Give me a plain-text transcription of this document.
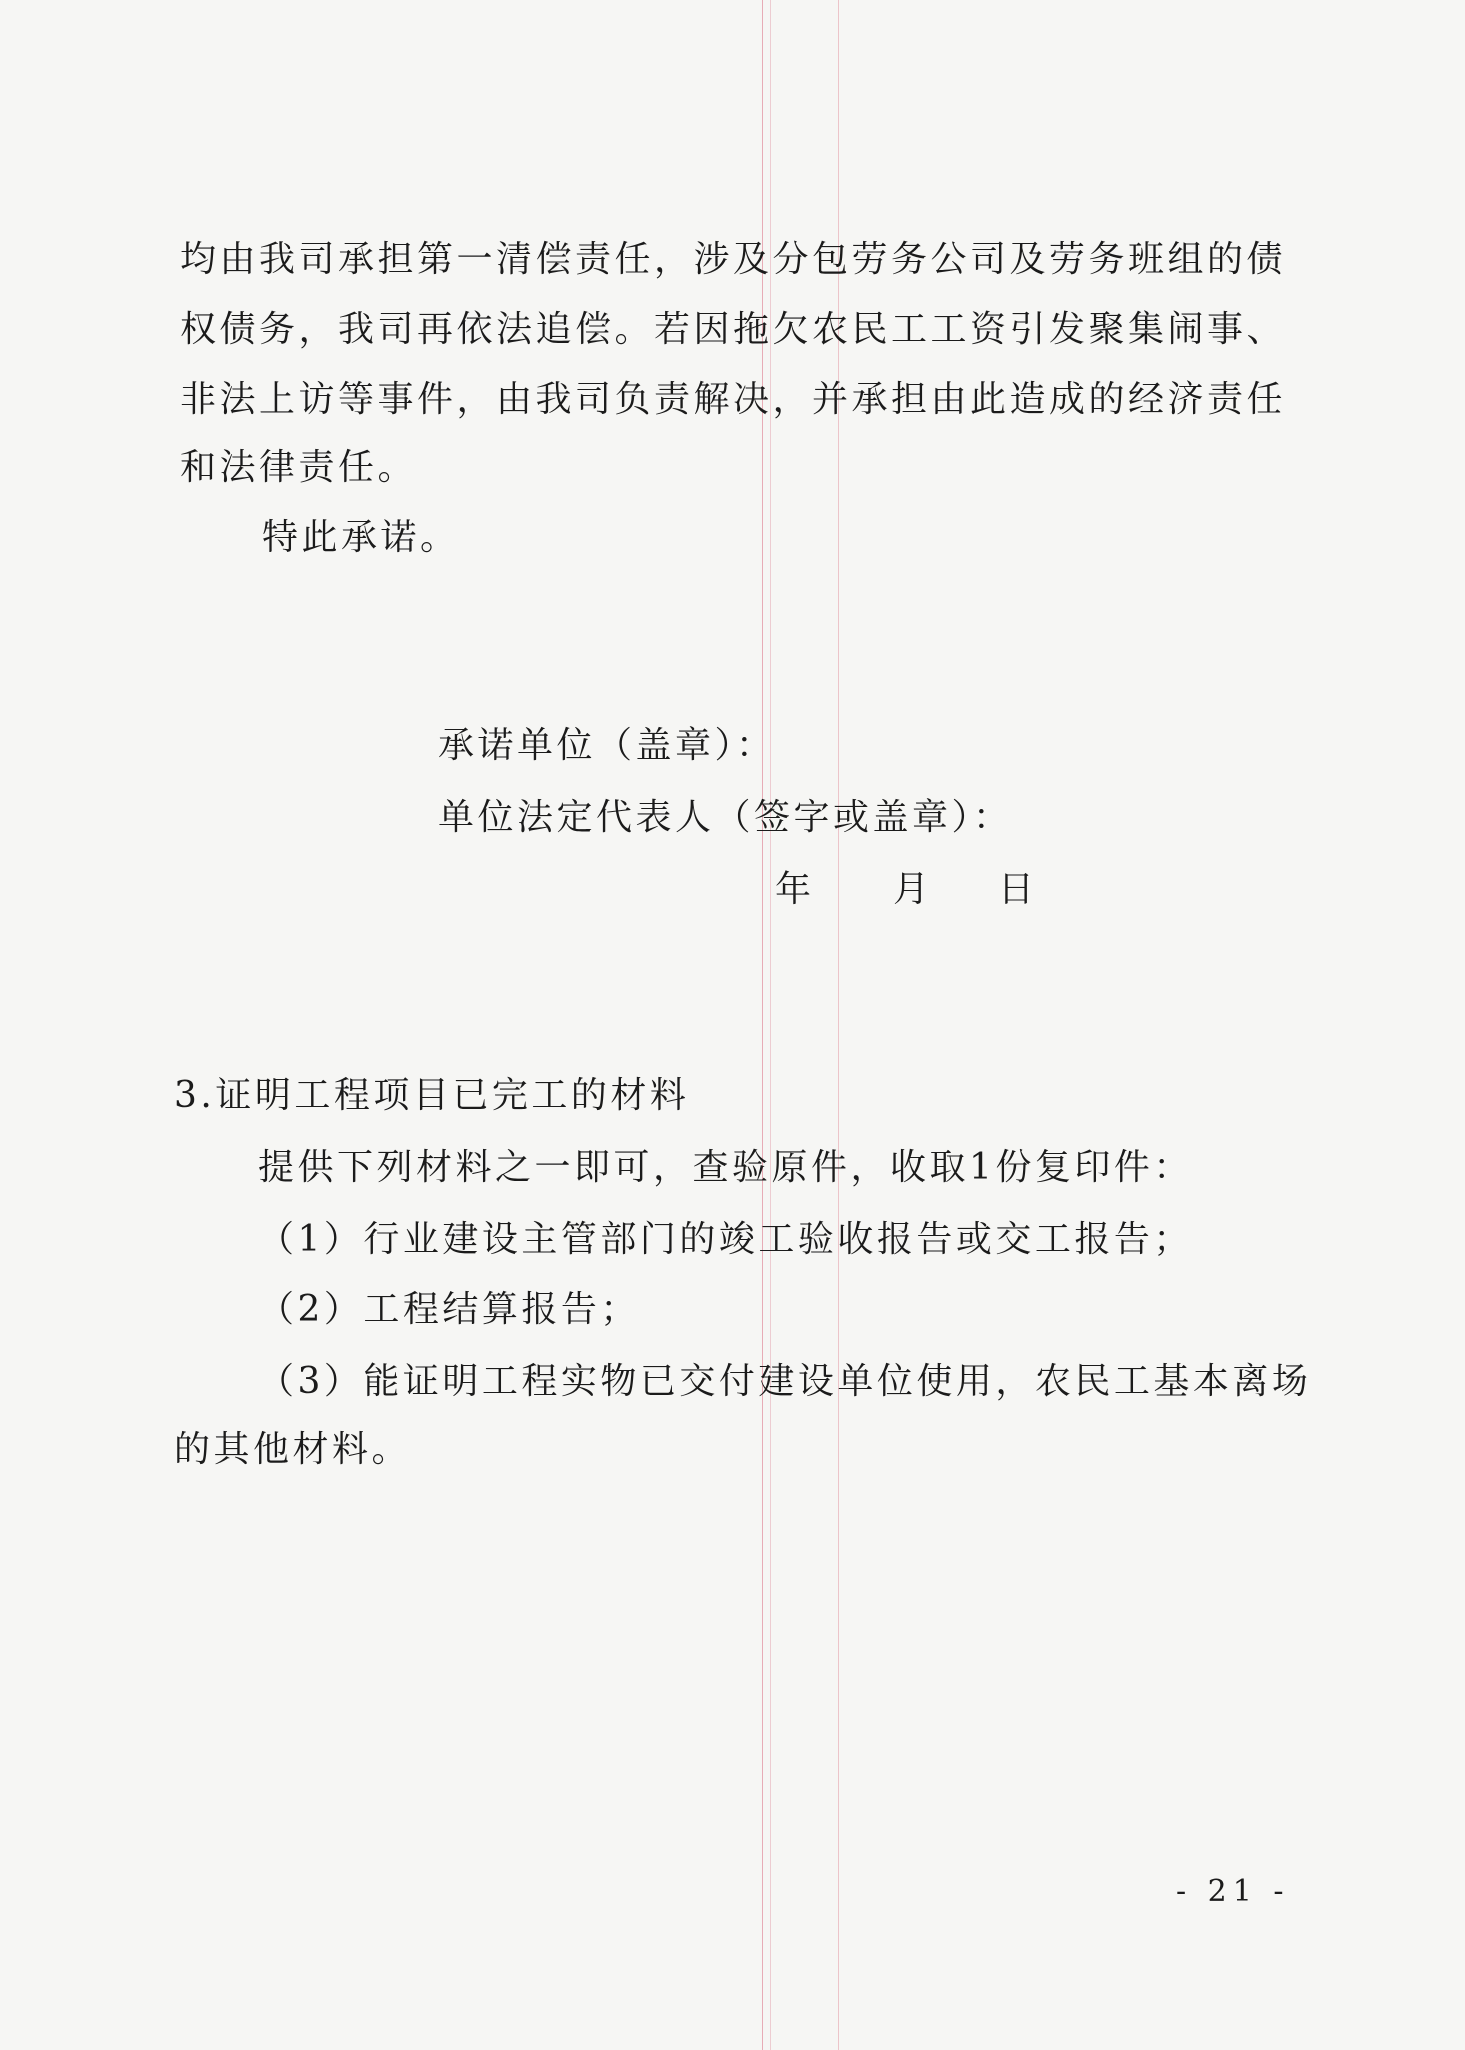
均由我司承担第一清偿责任，涉及分包劳务公司及劳务班组的债
权债务，我司再依法追偿。若因拖欠农民工工资引发聚集闹事、
非法上访等事件，由我司负责解决，并承担由此造成的经济责任
和法律责任。
特此承诺。
承诺单位（盖章）：
单位法定代表人（签字或盖章）：
年 月 日
3.证明工程项目已完工的材料
提供下列材料之一即可，查验原件，收取1份复印件：
（1）行业建设主管部门的竣工验收报告或交工报告；
（2）工程结算报告；
（3）能证明工程实物已交付建设单位使用，农民工基本离场
的其他材料。
- 21 -
